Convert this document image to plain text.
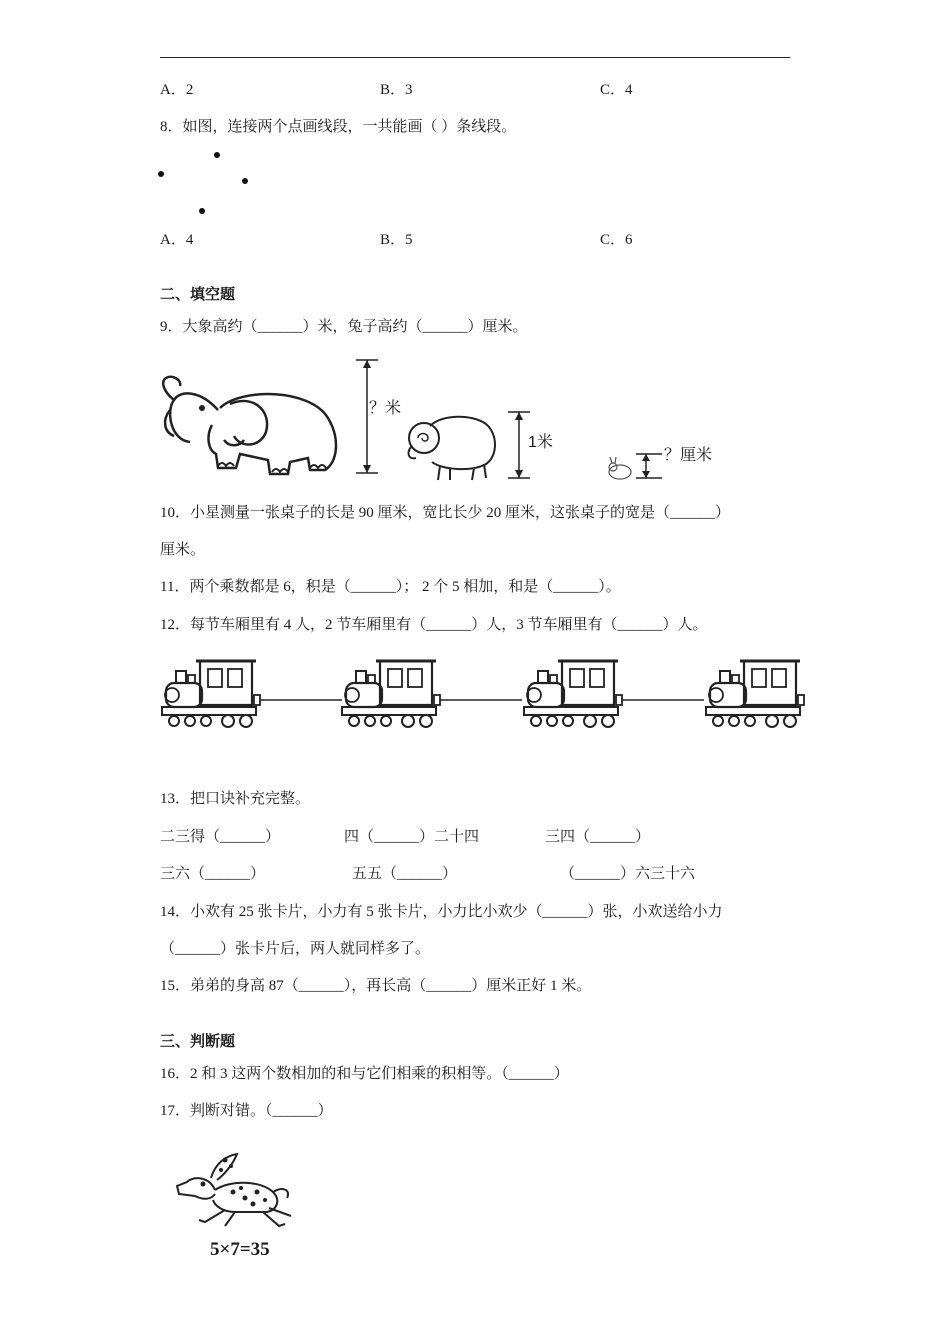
A．2	B．3	C．4
8．如图，连接两个点画线段，一共能画（ ）条线段。
A．4	B．5	C．6
二、填空题
9．大象高约（______）米，兔子高约（______）厘米。
？米
1米
？厘米
10．小星测量一张桌子的长是 90 厘米，宽比长少 20 厘米，这张桌子的宽是（______）
厘米。
11．两个乘数都是 6，积是（______）； 2 个 5 相加，和是（______）。
12．每节车厢里有 4 人，2 节车厢里有（______）人，3 节车厢里有（______）人。
13．把口诀补充完整。
二三得（______）	四（______）二十四	三四（______）
三六（______）	五五（______）	（______）六三十六
14．小欢有 25 张卡片，小力有 5 张卡片，小力比小欢少（______）张，小欢送给小力
（______）张卡片后，两人就同样多了。
15．弟弟的身高 87（______），再长高（______）厘米正好 1 米。
三、判断题
16．2 和 3 这两个数相加的和与它们相乘的积相等。（______）
17．判断对错。（______）
5×7=35
